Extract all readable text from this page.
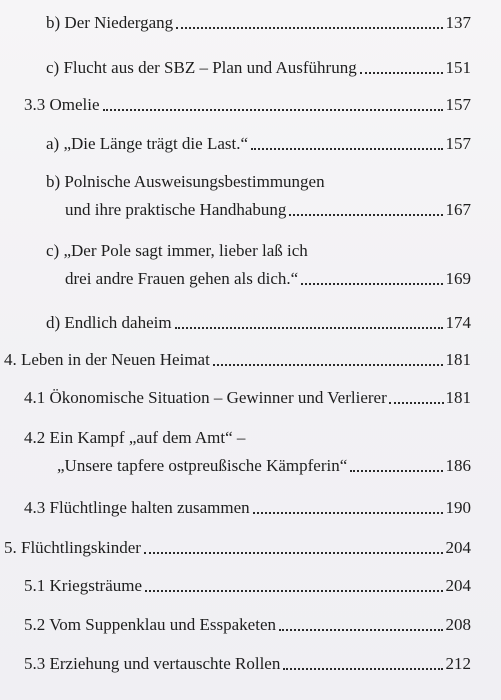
b) Der Niedergang	137
c) Flucht aus der SBZ – Plan und Ausführung	151
3.3 Omelie	157
a) „Die Länge trägt die Last.“	157
b) Polnische Ausweisungsbestimmungen
und ihre praktische Handhabung	167
c) „Der Pole sagt immer, lieber laß ich
drei andre Frauen gehen als dich.“	169
d) Endlich daheim	174
4. Leben in der Neuen Heimat	181
4.1 Ökonomische Situation – Gewinner und Verlierer	181
4.2 Ein Kampf „auf dem Amt“ –
„Unsere tapfere ostpreußische Kämpferin“	186
4.3 Flüchtlinge halten zusammen	190
5. Flüchtlingskinder	204
5.1 Kriegsträume	204
5.2 Vom Suppenklau und Esspaketen	208
5.3 Erziehung und vertauschte Rollen	212
